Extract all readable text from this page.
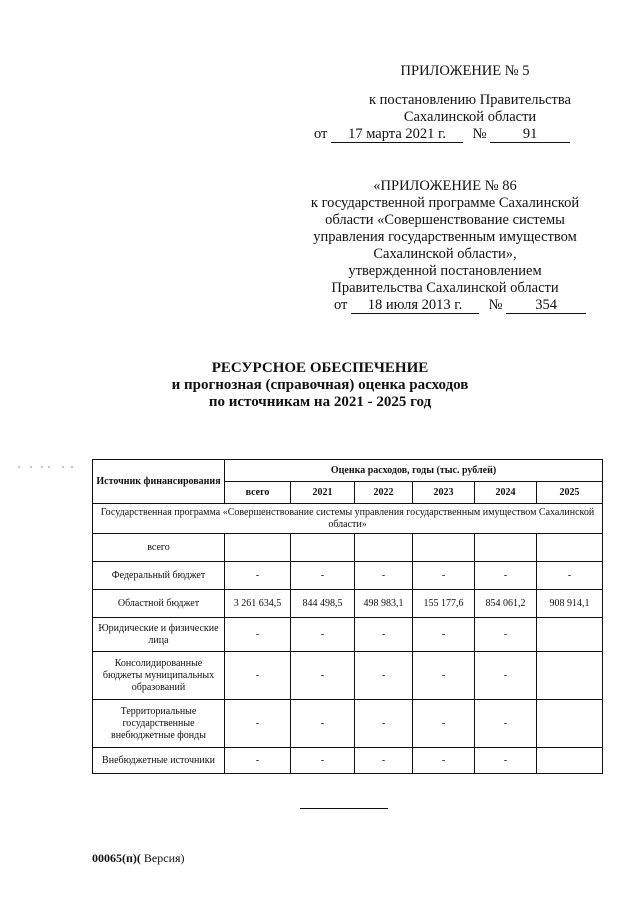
ПРИЛОЖЕНИЕ № 5
к постановлению Правительства
Сахалинской области
от 17 марта 2021 г. №	91
«ПРИЛОЖЕНИЕ № 86
к государственной программе Сахалинской
области «Совершенствование системы
управления государственным имуществом
Сахалинской области»,
утвержденной постановлением
Правительства Сахалинской области
от 18 июля 2013 г. № 354
РЕСУРСНОЕ ОБЕСПЕЧЕНИЕ
и прогнозная (справочная) оценка расходов
по источникам на 2021 - 2025 год
Источник финансирования	Оценка расходов, годы (тыс. рублей)					
	всего	2021	2022	2023	2024	2025
Государственная программа «Совершенствование системы управления государственным имуществом Сахалинской области»						
всего						
Федеральный бюджет	-	-	-	-	-	-
Областной бюджет	3 261 634,5	844 498,5	498 983,1	155 177,6	854 061,2	908 914,1
Юридические и физические лица	-	-	-	-	-	
Консолидированные бюджеты муниципальных образований	-	-	-	-	-	
Территориальные государственные внебюджетные фонды	-	-	-	-	-	
Внебюджетные источники	-	-	-	-	-	
00065(п)( Версия)
